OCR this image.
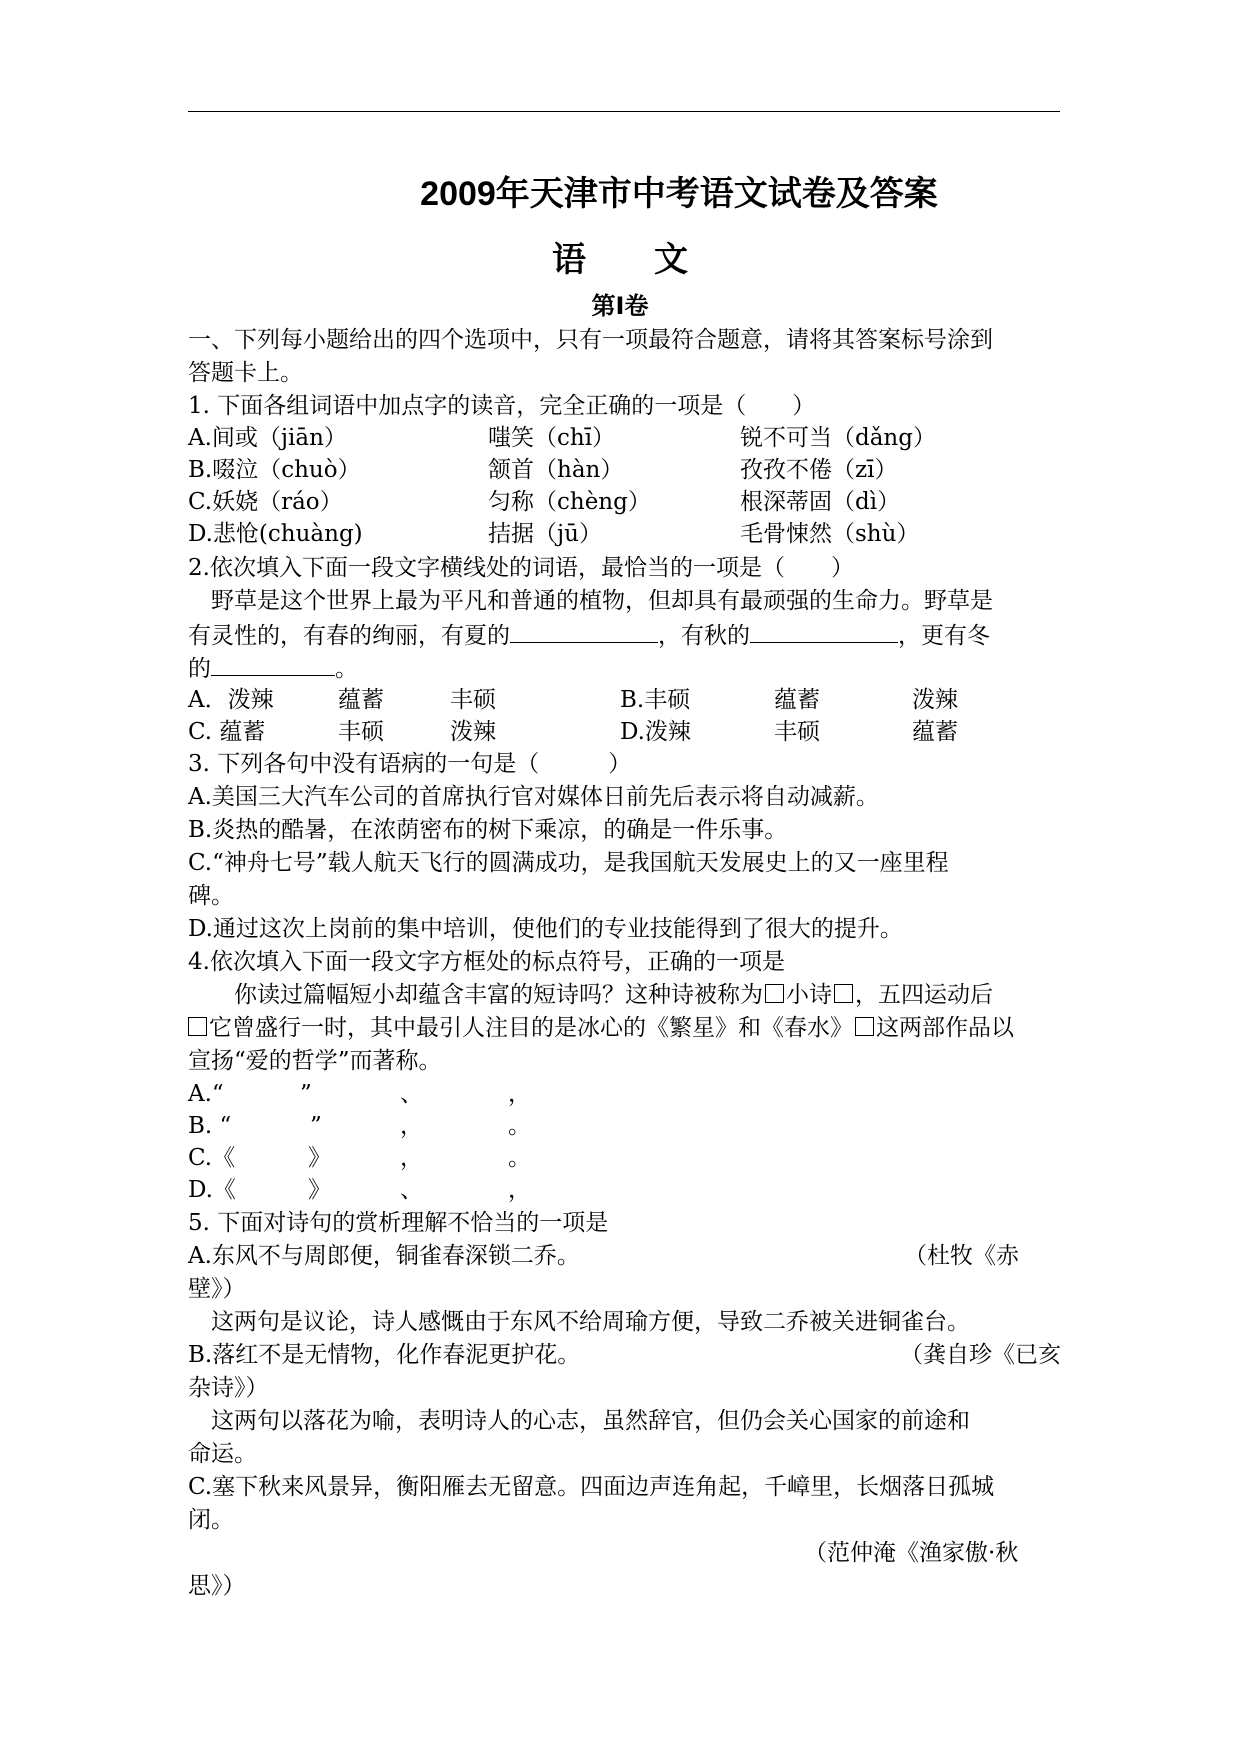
2009年天津市中考语文试卷及答案
语　　文
第Ⅰ卷
一、下列每小题给出的四个选项中，只有一项最符合题意，请将其答案标号涂到
答题卡上。
1. 下面各组词语中加点字的读音，完全正确的一项是（　　）
A.间或（jiān）	嗤笑（chī）	锐不可当（dǎng）
B.啜泣（chuò）	颔首（hàn）	孜孜不倦（zī）
C.妖娆（ráo）	匀称（chèng）	根深蒂固（dì）
D.悲怆(chuàng)	拮据（jū）	毛骨悚然（shù）
2.依次填入下面一段文字横线处的词语，最恰当的一项是（　　）
　野草是这个世界上最为平凡和普通的植物，但却具有最顽强的生命力。野草是
有灵性的，有春的绚丽，有夏的	，有秋的	，更有冬
的	。
A．泼辣	蕴蓄	丰硕	B.丰硕	蕴蓄	泼辣
C. 蕴蓄	丰硕	泼辣	D.泼辣	丰硕	蕴蓄
3. 下列各句中没有语病的一句是（　　　）
A.美国三大汽车公司的首席执行官对媒体日前先后表示将自动减薪。
B.炎热的酷暑，在浓荫密布的树下乘凉，的确是一件乐事。
C.“神舟七号”载人航天飞行的圆满成功，是我国航天发展史上的又一座里程
碑。
D.通过这次上岗前的集中培训，使他们的专业技能得到了很大的提升。
4.依次填入下面一段文字方框处的标点符号，正确的一项是
　　你读过篇幅短小却蕴含丰富的短诗吗？这种诗被称为 小诗 ，五四运动后
它曾盛行一时，其中最引人注目的是冰心的《繁星》和《春水》 这两部作品以
宣扬“爱的哲学”而著称。
A.“	”	、	，
B. “	”	，	。
C.《	》	，	。
D.《	》	、	，
5. 下面对诗句的赏析理解不恰当的一项是
A.东风不与周郎便，铜雀春深锁二乔。	（杜牧《赤
壁》）
　这两句是议论，诗人感慨由于东风不给周瑜方便，导致二乔被关进铜雀台。
B.落红不是无情物，化作春泥更护花。	（龚自珍《已亥
杂诗》）
　这两句以落花为喻，表明诗人的心志，虽然辞官，但仍会关心国家的前途和
命运。
C.塞下秋来风景异，衡阳雁去无留意。四面边声连角起，千嶂里，长烟落日孤城
闭。
（范仲淹《渔家傲·秋
思》）
